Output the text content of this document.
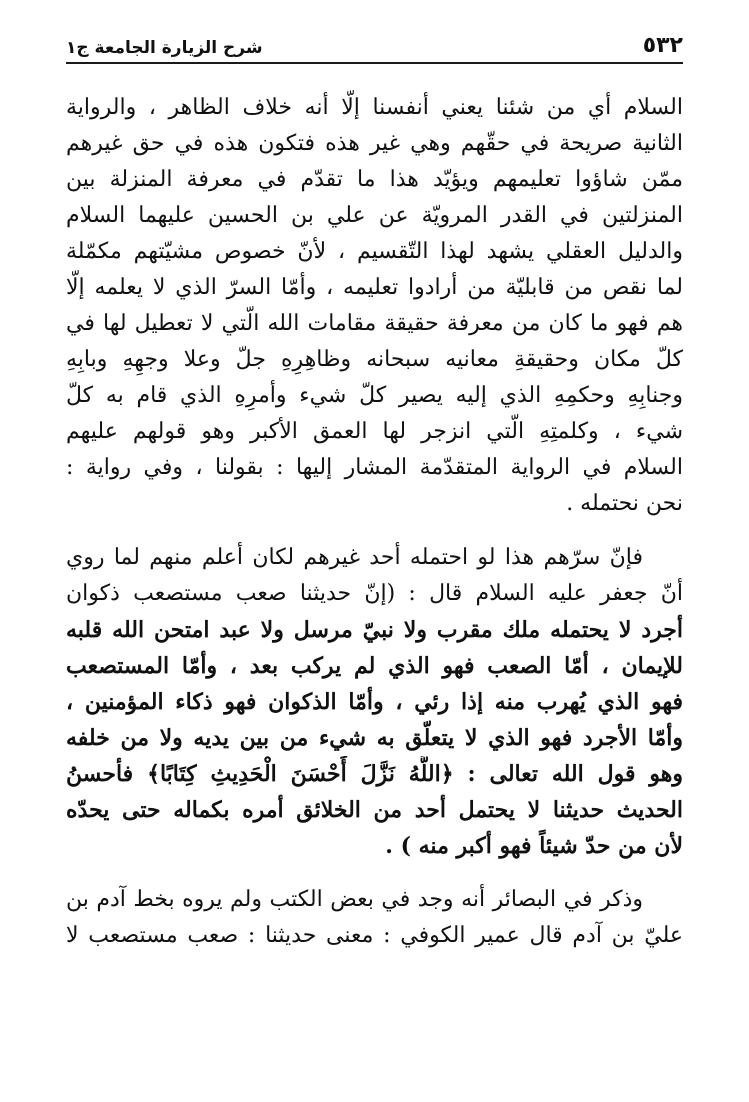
٥٣٢
شرح الزيارة الجامعة ج١
السلام أي من شئنا يعني أنفسنا إلّا أنه خلاف الظاهر ، والرواية
الثانية صريحة في حقّهم وهي غير هذه فتكون هذه في حق غيرهم
ممّن شاؤوا تعليمهم ويؤيّد هذا ما تقدّم في معرفة المنزلة بين
المنزلتين في القدر المرويّة عن علي بن الحسين عليهما السلام
والدليل العقلي يشهد لهذا التّقسيم ، لأنّ خصوص مشيّتهم مكمّلة
لما نقص من قابليّة من أرادوا تعليمه ، وأمّا السرّ الذي لا يعلمه إلّا
هم فهو ما كان من معرفة حقيقة مقامات الله الّتي لا تعطيل لها في
كلّ مكان وحقيقةِ معانيه سبحانه وظاهِرِهِ جلّ وعلا وجهِهِ وبابِهِ
وجنابِهِ وحكمِهِ الذي إليه يصير كلّ شيء وأمرِهِ الذي قام به كلّ
شيء ، وكلمتِهِ الّتي انزجر لها العمق الأكبر وهو قولهم عليهم
السلام في الرواية المتقدّمة المشار إليها : بقولنا ، وفي رواية :
نحن نحتمله .
فإنّ سرّهم هذا لو احتمله أحد غيرهم لكان أعلم منهم لما روي
أنّ جعفر عليه السلام قال : (إنّ حديثنا صعب مستصعب ذكوان
أجرد لا يحتمله ملك مقرب ولا نبيّ مرسل ولا عبد امتحن الله قلبه
للإيمان ، أمّا الصعب فهو الذي لم يركب بعد ، وأمّا المستصعب
فهو الذي يُهرب منه إذا رئي ، وأمّا الذكوان فهو ذكاء المؤمنين ،
وأمّا الأجرد فهو الذي لا يتعلّق به شيء من بين يديه ولا من خلفه
وهو قول الله تعالى : ﴿اللَّهُ نَزَّلَ أَحْسَنَ الْحَدِيثِ كِتَابًا﴾ فأحسنُ
الحديث حديثنا لا يحتمل أحد من الخلائق أمره بكماله حتى يحدّه
لأن من حدّ شيئاً فهو أكبر منه ) .
وذكر في البصائر أنه وجد في بعض الكتب ولم يروه بخط آدم بن
عليّ بن آدم قال عمير الكوفي : معنى حديثنا : صعب مستصعب لا
